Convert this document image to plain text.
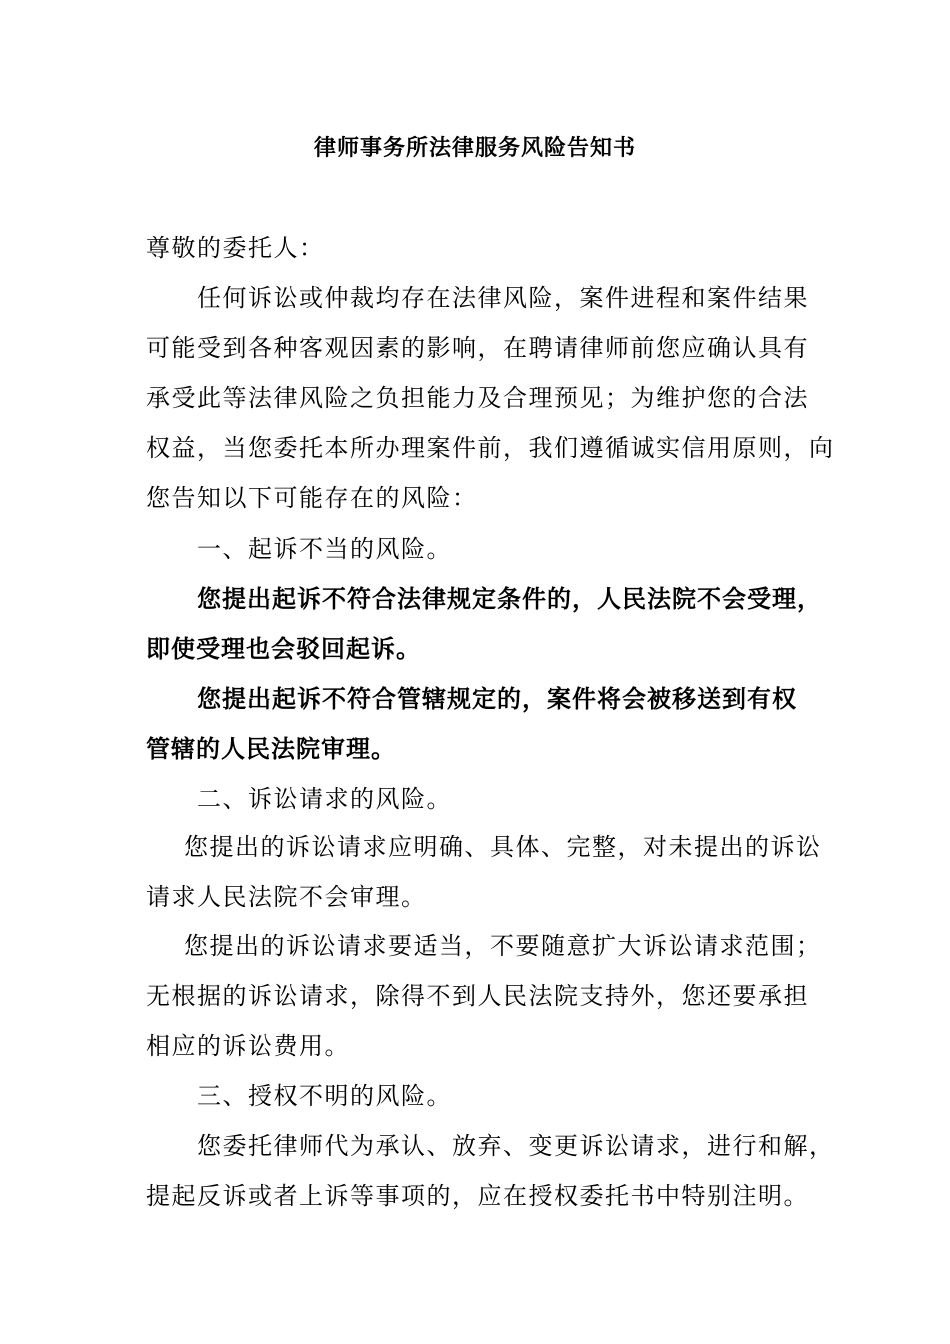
律师事务所法律服务风险告知书
尊敬的委托人：
任何诉讼或仲裁均存在法律风险，案件进程和案件结果
可能受到各种客观因素的影响，在聘请律师前您应确认具有
承受此等法律风险之负担能力及合理预见；为维护您的合法
权益，当您委托本所办理案件前，我们遵循诚实信用原则，向
您告知以下可能存在的风险：
一、起诉不当的风险。
您提出起诉不符合法律规定条件的，人民法院不会受理，
即使受理也会驳回起诉。
您提出起诉不符合管辖规定的，案件将会被移送到有权
管辖的人民法院审理。
二、诉讼请求的风险。
您提出的诉讼请求应明确、具体、完整，对未提出的诉讼
请求人民法院不会审理。
您提出的诉讼请求要适当，不要随意扩大诉讼请求范围；
无根据的诉讼请求，除得不到人民法院支持外，您还要承担
相应的诉讼费用。
三、授权不明的风险。
您委托律师代为承认、放弃、变更诉讼请求，进行和解，
提起反诉或者上诉等事项的，应在授权委托书中特别注明。
